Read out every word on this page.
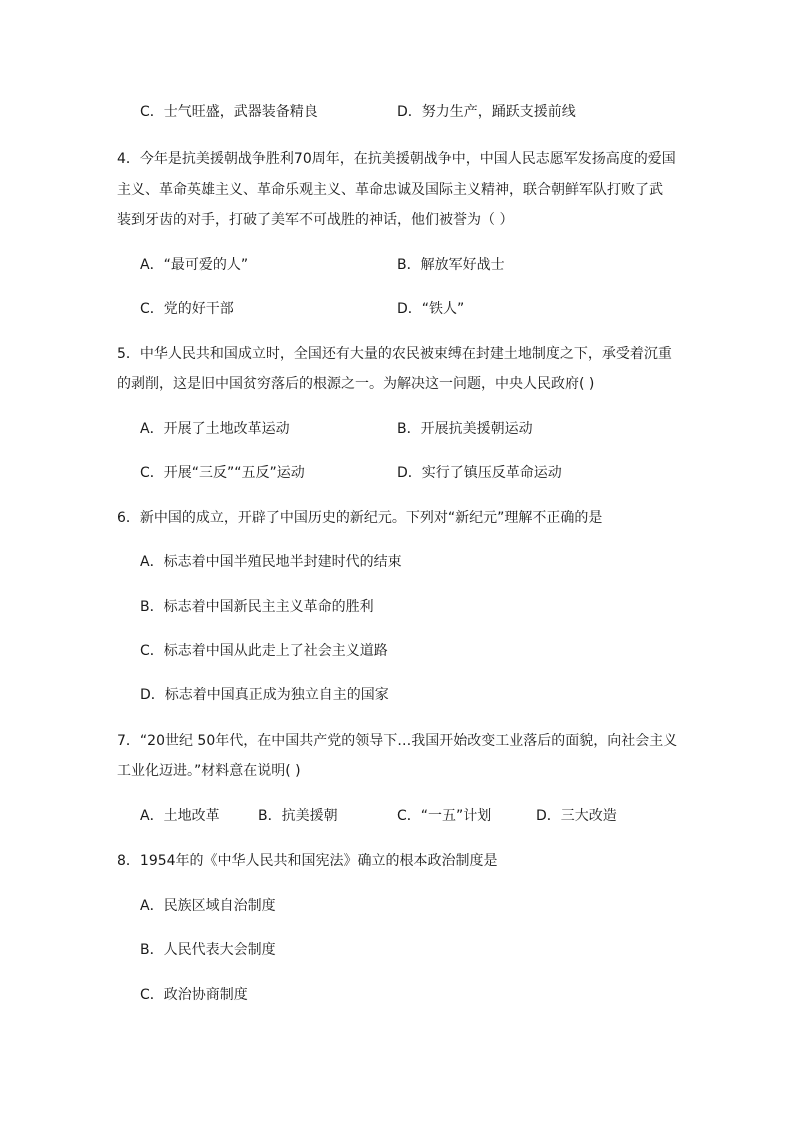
C．士气旺盛，武器装备精良	D．努力生产，踊跃支援前线
4．今年是抗美援朝战争胜利70周年，在抗美援朝战争中，中国人民志愿军发扬高度的爱国
主义、革命英雄主义、革命乐观主义、革命忠诚及国际主义精神，联合朝鲜军队打败了武
装到牙齿的对手，打破了美军不可战胜的神话，他们被誉为（ ）
A．“最可爱的人”	B．解放军好战士
C．党的好干部	D．“铁人”
5．中华人民共和国成立时，全国还有大量的农民被束缚在封建土地制度之下，承受着沉重
的剥削，这是旧中国贫穷落后的根源之一。为解决这一问题，中央人民政府( )
A．开展了土地改革运动	B．开展抗美援朝运动
C．开展“三反”“五反”运动	D．实行了镇压反革命运动
6．新中国的成立，开辟了中国历史的新纪元。下列对“新纪元”理解不正确的是
A．标志着中国半殖民地半封建时代的结束
B．标志着中国新民主主义革命的胜利
C．标志着中国从此走上了社会主义道路
D．标志着中国真正成为独立自主的国家
7．“20世纪 50年代，在中国共产党的领导下…我国开始改变工业落后的面貌，向社会主义
工业化迈进。”材料意在说明( )
A．土地改革	B．抗美援朝	C．“一五”计划	D．三大改造
8．1954年的《中华人民共和国宪法》确立的根本政治制度是
A．民族区域自治制度
B．人民代表大会制度
C．政治协商制度
